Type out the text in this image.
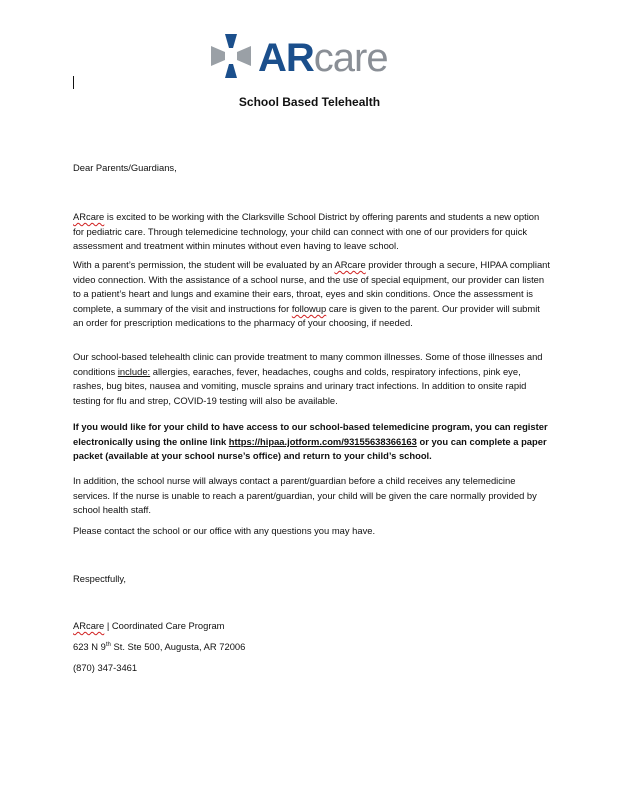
ARcare
School Based Telehealth

Dear Parents/Guardians,

ARcare is excited to be working with the Clarksville School District by offering parents and students a new option for pediatric care. Through telemedicine technology, your child can connect with one of our providers for quick assessment and treatment within minutes without even having to leave school.

With a parent’s permission, the student will be evaluated by an ARcare provider through a secure, HIPAA compliant video connection. With the assistance of a school nurse, and the use of special equipment, our provider can listen to a patient’s heart and lungs and examine their ears, throat, eyes and skin conditions. Once the assessment is complete, a summary of the visit and instructions for followup care is given to the parent. Our provider will submit an order for prescription medications to the pharmacy of your choosing, if needed.

Our school-based telehealth clinic can provide treatment to many common illnesses. Some of those illnesses and conditions include: allergies, earaches, fever, headaches, coughs and colds, respiratory infections, pink eye, rashes, bug bites, nausea and vomiting, muscle sprains and urinary tract infections. In addition to onsite rapid testing for flu and strep, COVID-19 testing will also be available.

If you would like for your child to have access to our school-based telemedicine program, you can register electronically using the online link https://hipaa.jotform.com/93155638366163 or you can complete a paper packet (available at your school nurse’s office) and return to your child’s school.

In addition, the school nurse will always contact a parent/guardian before a child receives any telemedicine services. If the nurse is unable to reach a parent/guardian, your child will be given the care normally provided by school health staff.

Please contact the school or our office with any questions you may have.

Respectfully,

ARcare | Coordinated Care Program

623 N 9th St. Ste 500, Augusta, AR 72006

(870) 347-3461
